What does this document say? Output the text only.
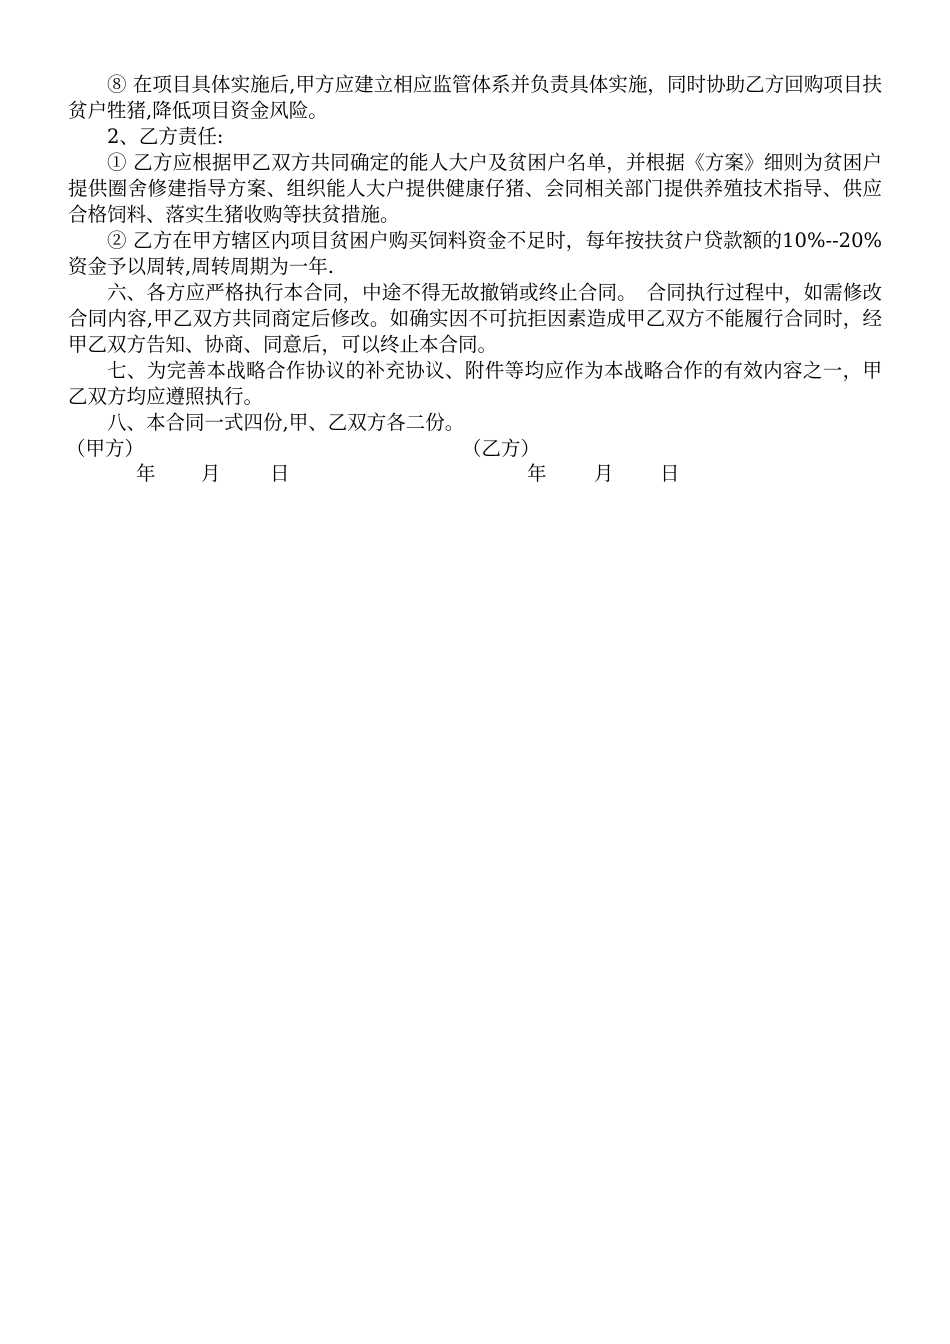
⑧ 在项目具体实施后,甲方应建立相应监管体系并负责具体实施，同时协助乙方回购项目扶贫户牲猪,降低项目资金风险。

2、乙方责任:

① 乙方应根据甲乙双方共同确定的能人大户及贫困户名单，并根据《方案》细则为贫困户提供圈舍修建指导方案、组织能人大户提供健康仔猪、会同相关部门提供养殖技术指导、供应合格饲料、落实生猪收购等扶贫措施。

② 乙方在甲方辖区内项目贫困户购买饲料资金不足时，每年按扶贫户贷款额的10%--20%资金予以周转,周转周期为一年.

六、各方应严格执行本合同，中途不得无故撤销或终止合同。　合同执行过程中，如需修改合同内容,甲乙双方共同商定后修改。如确实因不可抗拒因素造成甲乙双方不能履行合同时，经甲乙双方告知、协商、同意后，可以终止本合同。

七、为完善本战略合作协议的补充协议、附件等均应作为本战略合作的有效内容之一，甲乙双方均应遵照执行。

八、本合同一式四份,甲、乙双方各二份。

（甲方）	（乙方）
年 月	日	年 月 日
